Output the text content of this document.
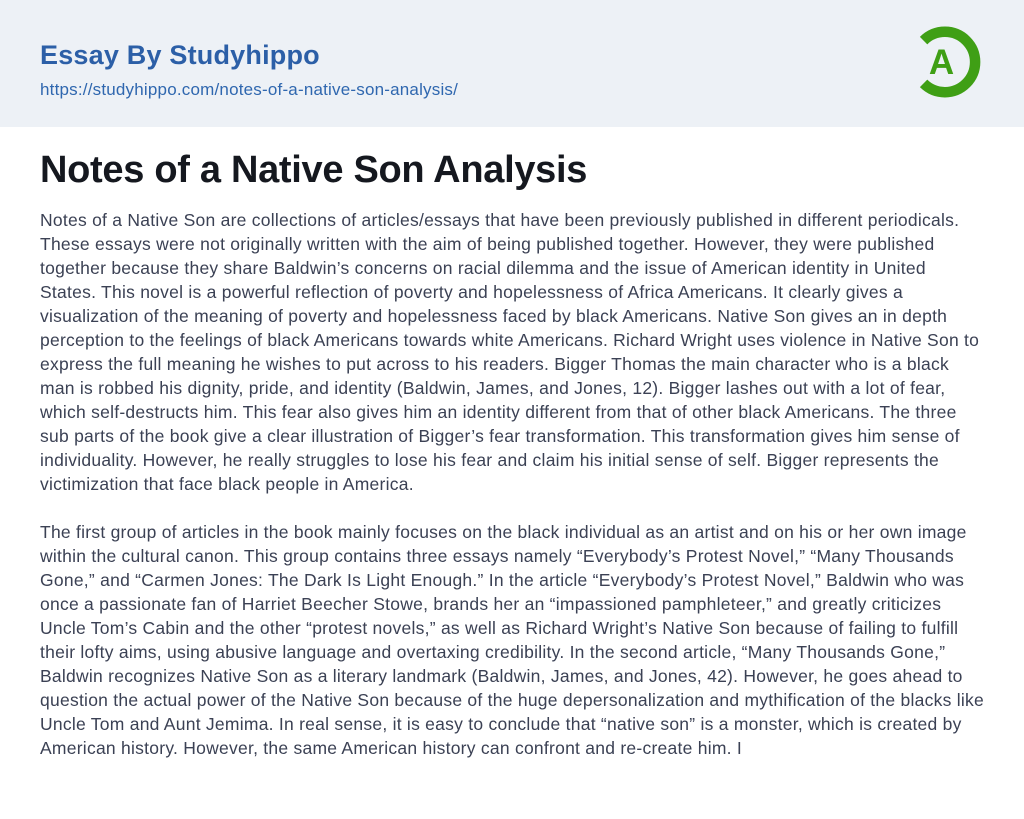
Essay By Studyhippo
https://studyhippo.com/notes-of-a-native-son-analysis/
A
Notes of a Native Son Analysis

Notes of a Native Son are collections of articles/essays that have been previously published in different periodicals. These essays were not originally written with the aim of being published together. However, they were published together because they share Baldwin’s concerns on racial dilemma and the issue of American identity in United States. This novel is a powerful reflection of poverty and hopelessness of Africa Americans. It clearly gives a visualization of the meaning of poverty and hopelessness faced by black Americans. Native Son gives an in depth perception to the feelings of black Americans towards white Americans. Richard Wright uses violence in Native Son to express the full meaning he wishes to put across to his readers. Bigger Thomas the main character who is a black man is robbed his dignity, pride, and identity (Baldwin, James, and Jones, 12). Bigger lashes out with a lot of fear, which self-destructs him. This fear also gives him an identity different from that of other black Americans. The three sub parts of the book give a clear illustration of Bigger’s fear transformation. This transformation gives him sense of individuality. However, he really struggles to lose his fear and claim his initial sense of self. Bigger represents the victimization that face black people in America.

The first group of articles in the book mainly focuses on the black individual as an artist and on his or her own image within the cultural canon. This group contains three essays namely “Everybody’s Protest Novel,” “Many Thousands Gone,” and “Carmen Jones: The Dark Is Light Enough.” In the article “Everybody’s Protest Novel,” Baldwin who was once a passionate fan of Harriet Beecher Stowe, brands her an “impassioned pamphleteer,” and greatly criticizes Uncle Tom’s Cabin and the other “protest novels,” as well as Richard Wright’s Native Son because of failing to fulfill their lofty aims, using abusive language and overtaxing credibility. In the second article, “Many Thousands Gone,” Baldwin recognizes Native Son as a literary landmark (Baldwin, James, and Jones, 42). However, he goes ahead to question the actual power of the Native Son because of the huge depersonalization and mythification of the blacks like Uncle Tom and Aunt Jemima. In real sense, it is easy to conclude that “native son” is a monster, which is created by American history. However, the same American history can confront and re-create him. I
